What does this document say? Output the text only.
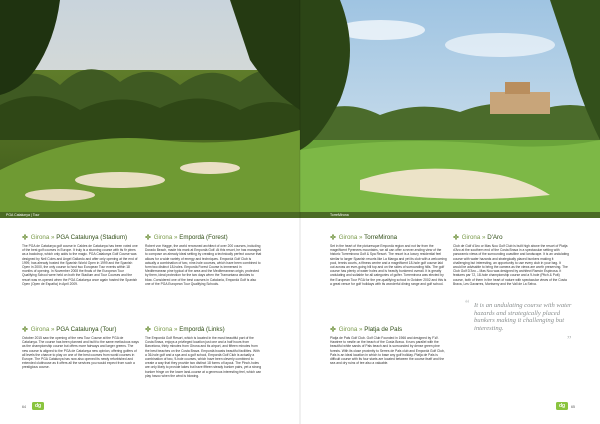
PGA Catalunya | Tour	TorreMirona
Girona » PGA Catalunya (Stadium)	Girona » Empordà (Forest)
The PGA de Catalunya golf course in Caldes de Catalunya has been voted one of the best golf courses in Europe. It truly is a stunning course with its fir pines as a backdrop, which only adds to the magic. PGA Catalunya Golf Course was designed by Neil Coles and Angel Gallardo and after only opening at the end of 1999, has already hosted the Spanish World Open in 1999 and the Spanish Open in 2000, the only course to host two European Tour events within 18 months of opening. In November 2008 the finals of the European Tour Qualifying School were held on both the Stadium and Tour Courses and the resort was re-opened when the PGA Catalunya once again hosted the Spanish Open (Open de España) in April 2009.
Robert von Hagge, the world renowned architect of over 200 courses, including Dorado Beach, made his mark at Empordà Golf. At this resort, he has managed to compose an already ideal setting by creating a technically perfect course that allows for a wide variety of energy and techniques. Empordà Golf Club is actually a combination of two, nine-hole courses, which have been combined to form two distinct 18-holes. Empordà Forest Course is immersed in Mediterranean pine typical of the area and the Mediterranean origin, protected by them, ideal protection for the two days when the Tramuntana decides to blow. Considered one of the best courses in Catalonia, Empordà Golf is also one of the PGA European Tour Qualifying Schools.
Girona » PGA Catalunya (Tour)	Girona » Empordà (Links)
October 2015 saw the opening of the new Tour Course at the PGA de Catalunya. The course has been planned and built to the same meticulous ways as the championship course but offers more fairways and larger greens. The new course is aligned to the PGA de Catalunya new opinion, offering golfers of all levels the chance to play on one of the best courses from world courses in Europe. The PGA Catalunya has now also opened its newly refurbished and extended clubhouse as it offers all the services you would expect from such a prestigious course.
The Empordà Golf Resort, which is located in the most beautiful part of the Costa Brava, enjoys a privileged location just one and a half hours from Barcelona, thirty minutes from Girona and its airport, and fifteen minutes from the best beaches on the Costa Brava. Empordà boasts beautiful facilities. With a 36-hole golf and a spa and a golf school, Empordà Golf Club is actually a combination of two, 9-hole courses, which have been cleverly combined to create a way that they provide two distinct 18 forms of layout. The Pinch-holes are only likely to provide lakes but have fifteen steady bunker pairs, yet a strong bunker fringe on the lower land-course at a generous interesting feel, which can play havoc when the wind is blowing.
Girona » TorreMirona	Girona » D'Aro
Set in the heart of the picturesque Empordà region and not far from the magnificent Pyrenees mountains, we all can offer a never-ending view of the historic Torremirona Golf & Spa Resort. The resort is a luxury residential feel similar to larger Spanish resorts like La Manga and yet its club with a welcoming pool, tennis courts, a fitness centre and a magnificent 18-hole golf course laid out across an ever-going hill top and on the sides of surrounding hills. The golf course has plenty of water holes and is heavily bunkered overall. It is greatly undulating and suitable for all categories of golfer. Torremirona was elected by the European Tour PGA for the pre-qualifying school in October 2002 and this is a great venue for golf holidays with its wonderful dining range and golf school.
Club de Golf d'Aro or Mas Nou Golf Club is built high above the resort of Platja d'Aro at the southern end of the Costa Brava in a spectacular setting with panoramic views of the surrounding coastline and landscape. It is an undulating course with water hazards and strategically placed bunkers making it challenging but interesting, an opportunity to use every club in your bag. It would be advisable to bring the camera as the views are worth preserving. The Club Golf D'Aro – Mas Nou was designed by architect Ramón Espinosa. It features par 72, 18-hole championship course and a 9-hole (Pitch & Putt) course, both of them in the heart of nature with spectacular views of the Costa Brava, Les Gavarres, Montseny and the Vall de La Selva.
Girona » Platja de Pals
Platja de Pals Golf Club. Golf Club Founded in 1966 and designed by F.W. Hawtree to nestle on the beach of the Costa Brava. It runs parallel with the beautiful white sands of Pals beach and is surrounded by dense green pine forests. With its close proximity to Serres de Pals club and Empordà Golf Club, Pals is an ideal location in which to base any golf holiday. Platja de Pals is difficult course with its four starts are located between the course itself and the sea and dry ruins of tee also a valuable.
“ It is an undulating course with water hazards and strategically placed bunkers making it challenging but interesting.
”
64	dg	dg	65
